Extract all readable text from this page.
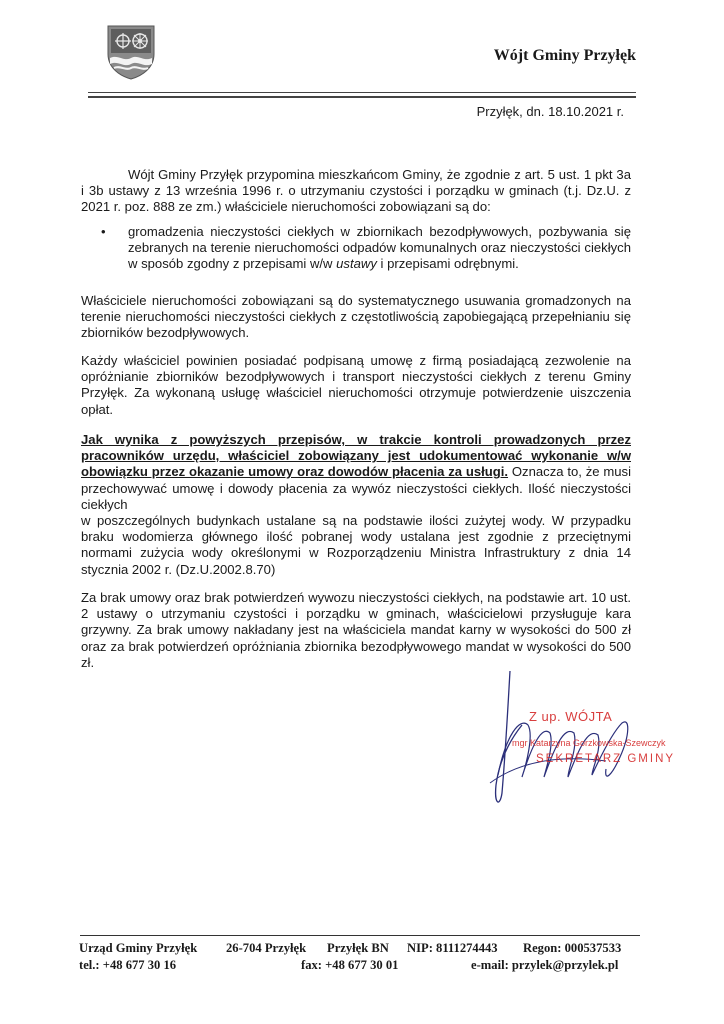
Wójt Gminy Przyłęk
Przyłęk, dn. 18.10.2021 r.
Wójt Gminy Przyłęk przypomina mieszkańcom Gminy, że zgodnie z art. 5 ust. 1 pkt 3a i 3b ustawy z 13 września 1996 r. o utrzymaniu czystości i porządku w gminach (t.j. Dz.U. z 2021 r. poz. 888 ze zm.) właściciele nieruchomości zobowiązani są do:
• gromadzenia nieczystości ciekłych w zbiornikach bezodpływowych, pozbywania się zebranych na terenie nieruchomości odpadów komunalnych oraz nieczystości ciekłych w sposób zgodny z przepisami w/w ustawy i przepisami odrębnymi.
Właściciele nieruchomości zobowiązani są do systematycznego usuwania gromadzonych na terenie nieruchomości nieczystości ciekłych z częstotliwością zapobiegającą przepełnianiu się zbiorników bezodpływowych.
Każdy właściciel powinien posiadać podpisaną umowę z firmą posiadającą zezwolenie na opróżnianie zbiorników bezodpływowych i transport nieczystości ciekłych z terenu Gminy Przyłęk. Za wykonaną usługę właściciel nieruchomości otrzymuje potwierdzenie uiszczenia opłat.
Jak wynika z powyższych przepisów, w trakcie kontroli prowadzonych przez pracowników urzędu, właściciel zobowiązany jest udokumentować wykonanie w/w obowiązku przez okazanie umowy oraz dowodów płacenia za usługi. Oznacza to, że musi przechowywać umowę i dowody płacenia za wywóz nieczystości ciekłych. Ilość nieczystości ciekłych
w poszczególnych budynkach ustalane są na podstawie ilości zużytej wody. W przypadku braku wodomierza głównego ilość pobranej wody ustalana jest zgodnie z przeciętnymi normami zużycia wody określonymi w Rozporządzeniu Ministra Infrastruktury z dnia 14 stycznia 2002 r. (Dz.U.2002.8.70)
Za brak umowy oraz brak potwierdzeń wywozu nieczystości ciekłych, na podstawie art. 10 ust. 2 ustawy o utrzymaniu czystości i porządku w gminach, właścicielowi przysługuje kara grzywny. Za brak umowy nakładany jest na właściciela mandat karny w wysokości do 500 zł oraz za brak potwierdzeń opróżniania zbiornika bezodpływowego mandat w wysokości do 500 zł.
Z up. WÓJTA
mgr Katarzyna Gorzkowska-Szewczyk
SEKRETARZ GMINY
Urząd Gminy Przyłęk 26-704 Przyłęk Przyłęk BN NIP: 8111274443 Regon: 000537533
tel.: +48 677 30 16	fax: +48 677 30 01	e-mail: przylek@przylek.pl
